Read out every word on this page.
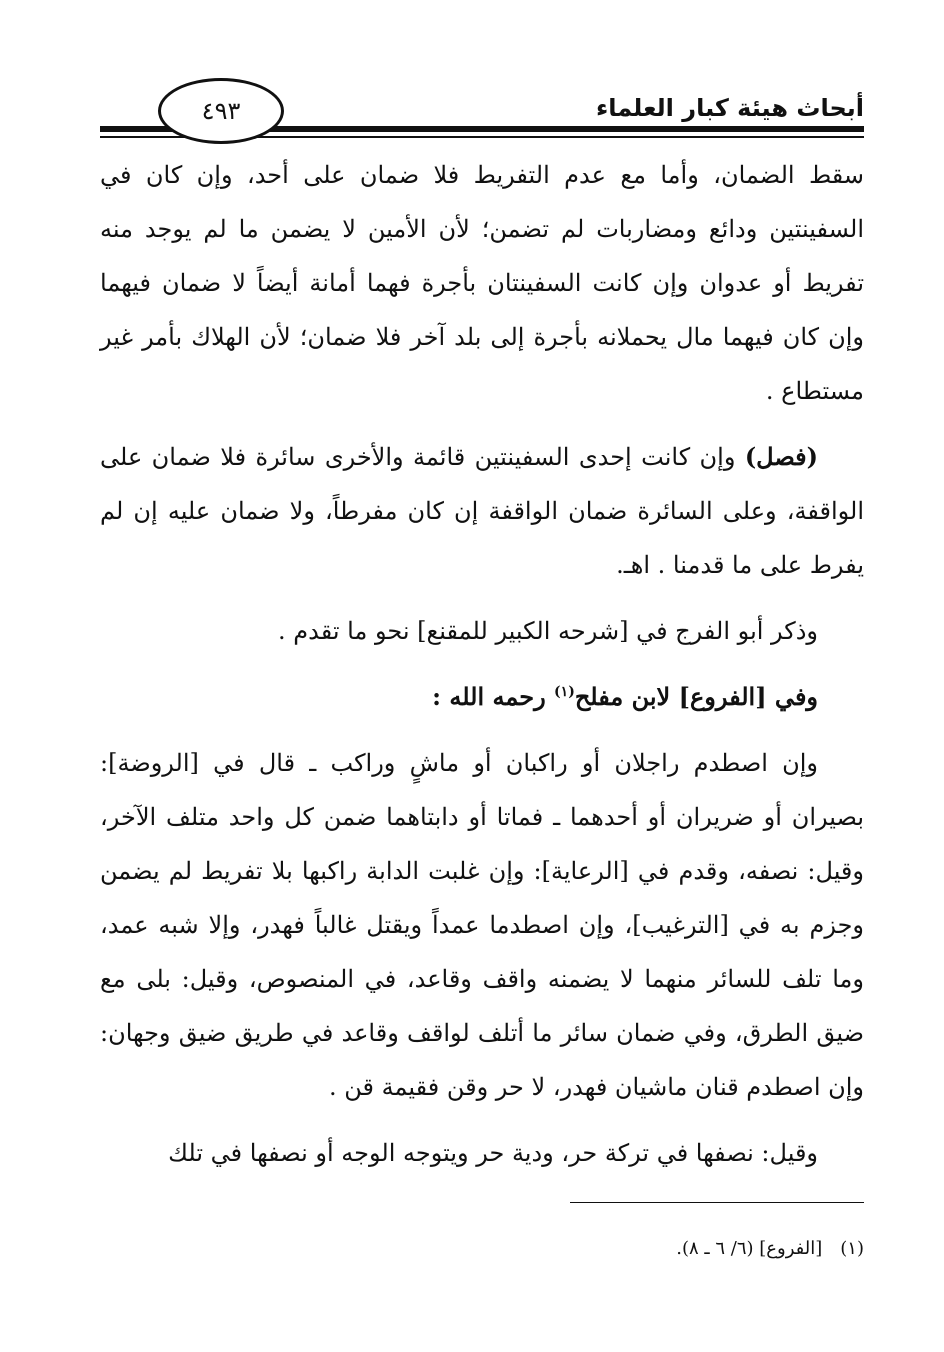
أبحاث هيئة كبار العلماء
٤٩٣

سقط الضمان، وأما مع عدم التفريط فلا ضمان على أحد، وإن كان في السفينتين ودائع ومضاربات لم تضمن؛ لأن الأمين لا يضمن ما لم يوجد منه تفريط أو عدوان وإن كانت السفينتان بأجرة فهما أمانة أيضاً لا ضمان فيهما وإن كان فيهما مال يحملانه بأجرة إلى بلد آخر فلا ضمان؛ لأن الهلاك بأمر غير مستطاع .

(فصل) وإن كانت إحدى السفينتين قائمة والأخرى سائرة فلا ضمان على الواقفة، وعلى السائرة ضمان الواقفة إن كان مفرطاً، ولا ضمان عليه إن لم يفرط على ما قدمنا . اهـ.

وذكر أبو الفرج في [شرحه الكبير للمقنع] نحو ما تقدم .

وفي [الفروع] لابن مفلح$^{(١)}$ رحمه الله :

وإن اصطدم راجلان أو راكبان أو ماشٍ وراكب ـ قال في [الروضة]: بصيران أو ضريران أو أحدهما ـ فماتا أو دابتاهما ضمن كل واحد متلف الآخر، وقيل: نصفه، وقدم في [الرعاية]: وإن غلبت الدابة راكبها بلا تفريط لم يضمن وجزم به في [الترغيب]، وإن اصطدما عمداً ويقتل غالباً فهدر، وإلا شبه عمد، وما تلف للسائر منهما لا يضمنه واقف وقاعد، في المنصوص، وقيل: بلى مع ضيق الطرق، وفي ضمان سائر ما أتلف لواقف وقاعد في طريق ضيق وجهان: وإن اصطدم قنان ماشيان فهدر، لا حر وقن فقيمة قن .

وقيل: نصفها في تركة حر، ودية حر ويتوجه الوجه أو نصفها في تلك

(١)[الفروع] (٦/ ٦ ـ ٨).
